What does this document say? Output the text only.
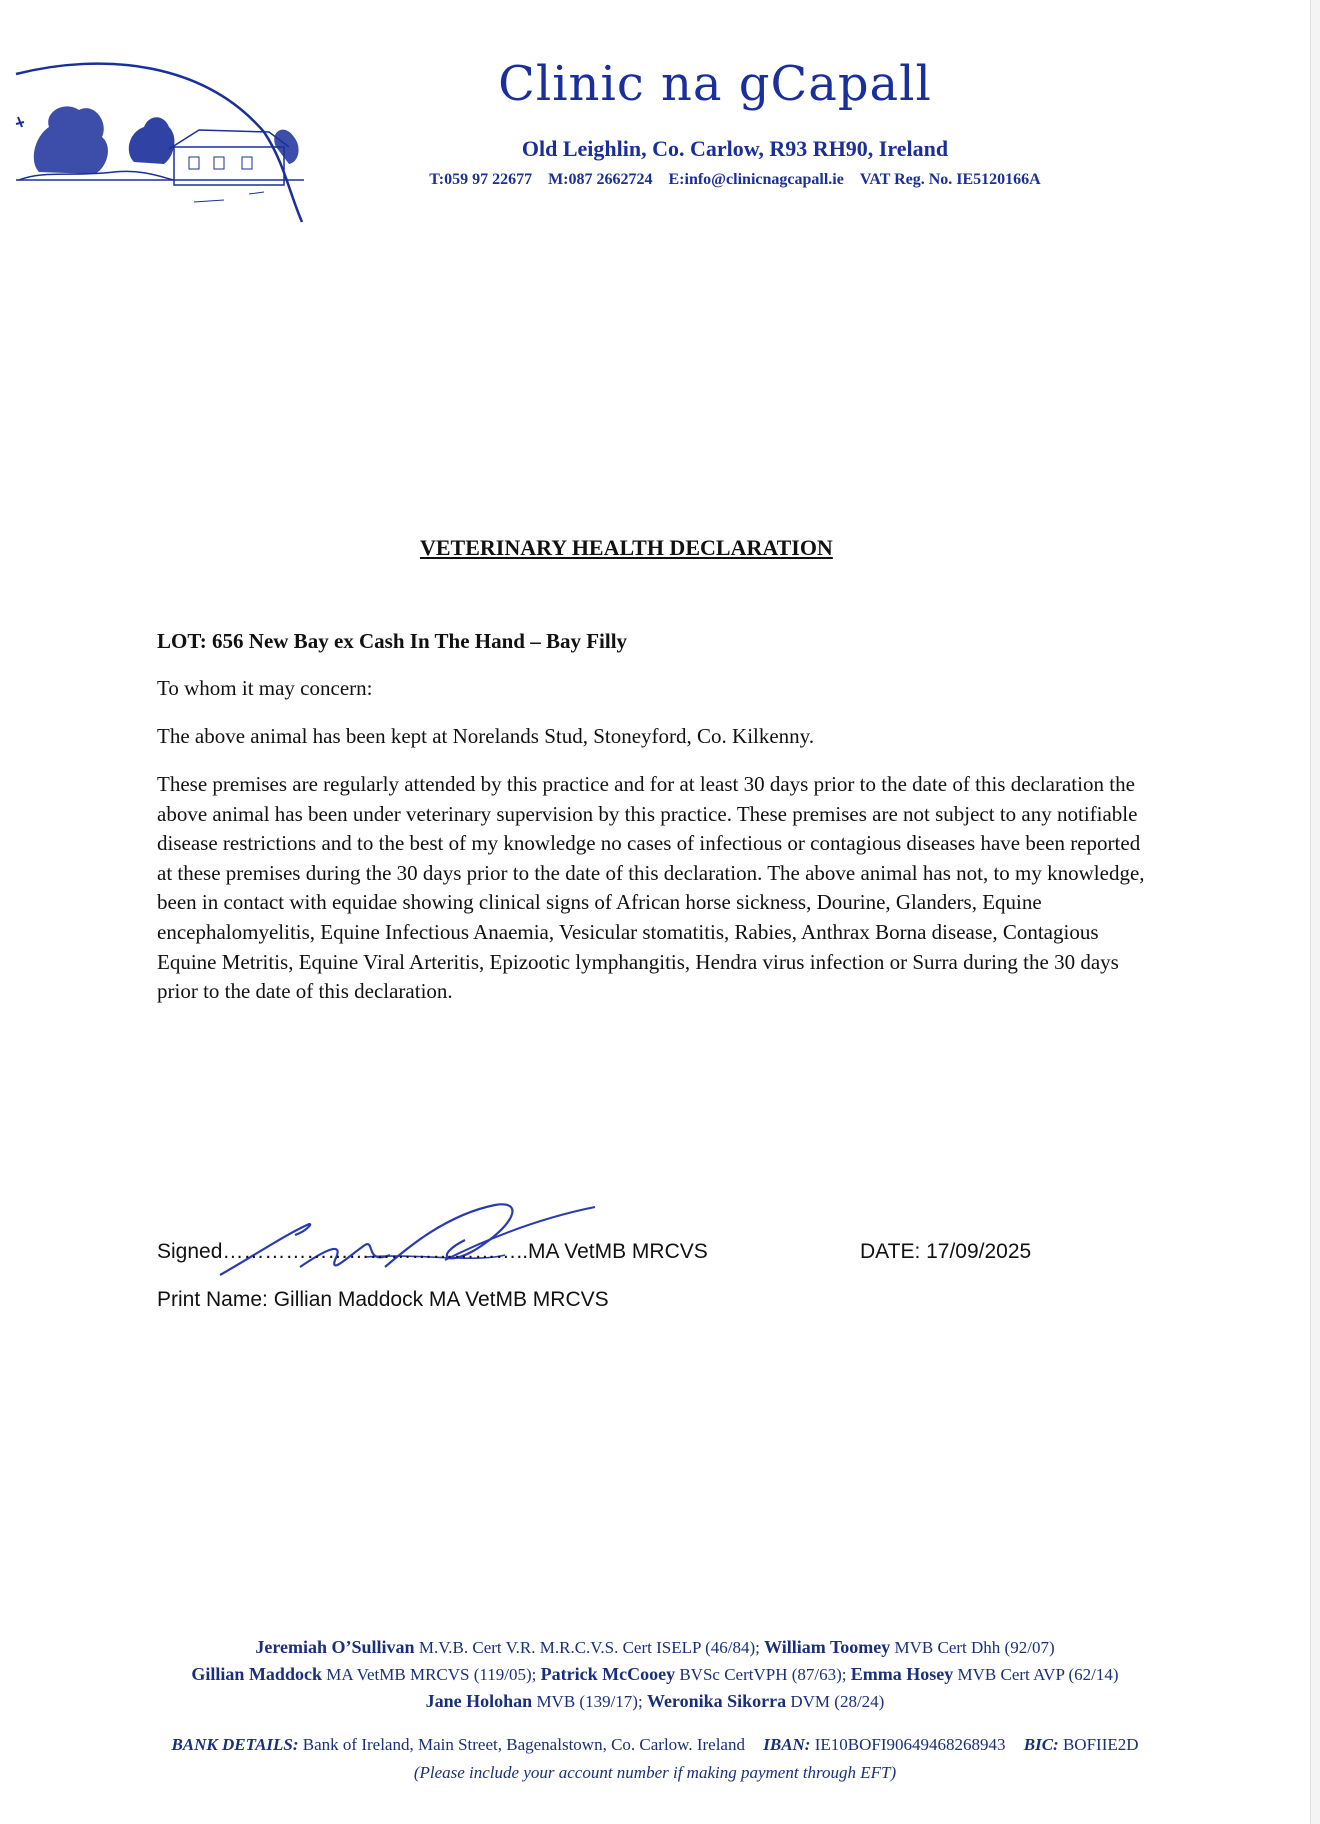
Clinic na gCapall
Old Leighlin, Co. Carlow, R93 RH90, Ireland
T:059 97 22677 M:087 2662724 E:info@clinicnagcapall.ie VAT Reg. No. IE5120166A
VETERINARY HEALTH DECLARATION
LOT: 656 New Bay ex Cash In The Hand – Bay Filly
To whom it may concern:
The above animal has been kept at Norelands Stud, Stoneyford, Co. Kilkenny.
These premises are regularly attended by this practice and for at least 30 days prior to the date of this declaration the above animal has been under veterinary supervision by this practice. These premises are not subject to any notifiable disease restrictions and to the best of my knowledge no cases of infectious or contagious diseases have been reported at these premises during the 30 days prior to the date of this declaration. The above animal has not, to my knowledge, been in contact with equidae showing clinical signs of African horse sickness, Dourine, Glanders, Equine encephalomyelitis, Equine Infectious Anaemia, Vesicular stomatitis, Rabies, Anthrax Borna disease, Contagious Equine Metritis, Equine Viral Arteritis, Epizootic lymphangitis, Hendra virus infection or Surra during the 30 days prior to the date of this declaration.
Signed……………………………………..MA VetMB MRCVS	DATE: 17/09/2025
Print Name: Gillian Maddock MA VetMB MRCVS
Jeremiah O’Sullivan M.V.B. Cert V.R. M.R.C.V.S. Cert ISELP (46/84); William Toomey MVB Cert Dhh (92/07)
Gillian Maddock MA VetMB MRCVS (119/05); Patrick McCooey BVSc CertVPH (87/63); Emma Hosey MVB Cert AVP (62/14)
Jane Holohan MVB (139/17); Weronika Sikorra DVM (28/24)
BANK DETAILS: Bank of Ireland, Main Street, Bagenalstown, Co. Carlow. Ireland IBAN: IE10BOFI90649468268943 BIC: BOFIIE2D
(Please include your account number if making payment through EFT)
